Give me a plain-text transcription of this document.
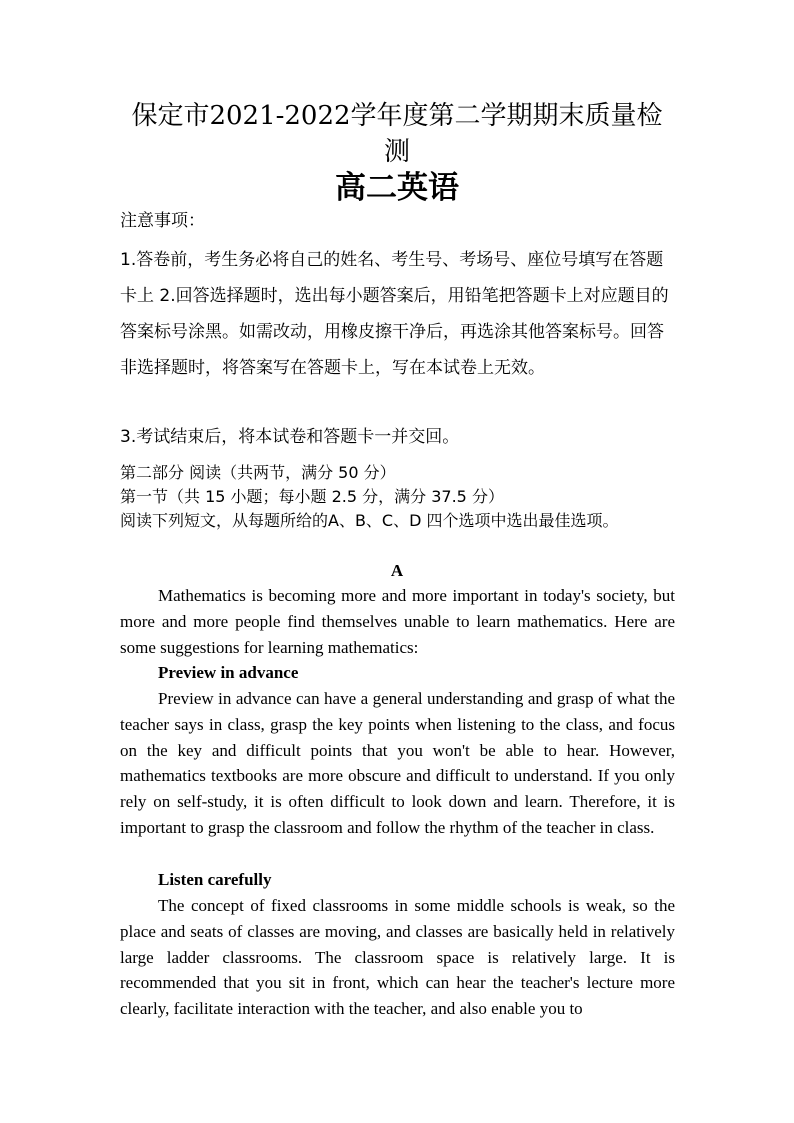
保定市2021-2022学年度第二学期期末质量检
测
高二英语
注意事项：
1.答卷前，考生务必将自己的姓名、考生号、考场号、座位号填写在答题卡上 2.回答选择题时，选出每小题答案后，用铅笔把答题卡上对应题目的答案标号涂黑。如需改动，用橡皮擦干净后，再选涂其他答案标号。回答非选择题时，将答案写在答题卡上，写在本试卷上无效。
3.考试结束后，将本试卷和答题卡一并交回。
第二部分 阅读（共两节，满分 50 分）
第一节（共 15 小题；每小题 2.5 分，满分 37.5 分）
阅读下列短文，从每题所给的A、B、C、D 四个选项中选出最佳选项。
A
Mathematics is becoming more and more important in today's society, but more and more people find themselves unable to learn mathematics. Here are some suggestions for learning mathematics:
Preview in advance
Preview in advance can have a general understanding and grasp of what the teacher says in class, grasp the key points when listening to the class, and focus on the key and difficult points that you won't be able to hear. However, mathematics textbooks are more obscure and difficult to understand. If you only rely on self-study, it is often difficult to look down and learn. Therefore, it is important to grasp the classroom and follow the rhythm of the teacher in class.
Listen carefully
The concept of fixed classrooms in some middle schools is weak, so the place and seats of classes are moving, and classes are basically held in relatively large ladder classrooms. The classroom space is relatively large. It is recommended that you sit in front, which can hear the teacher's lecture more clearly, facilitate interaction with the teacher, and also enable you to
